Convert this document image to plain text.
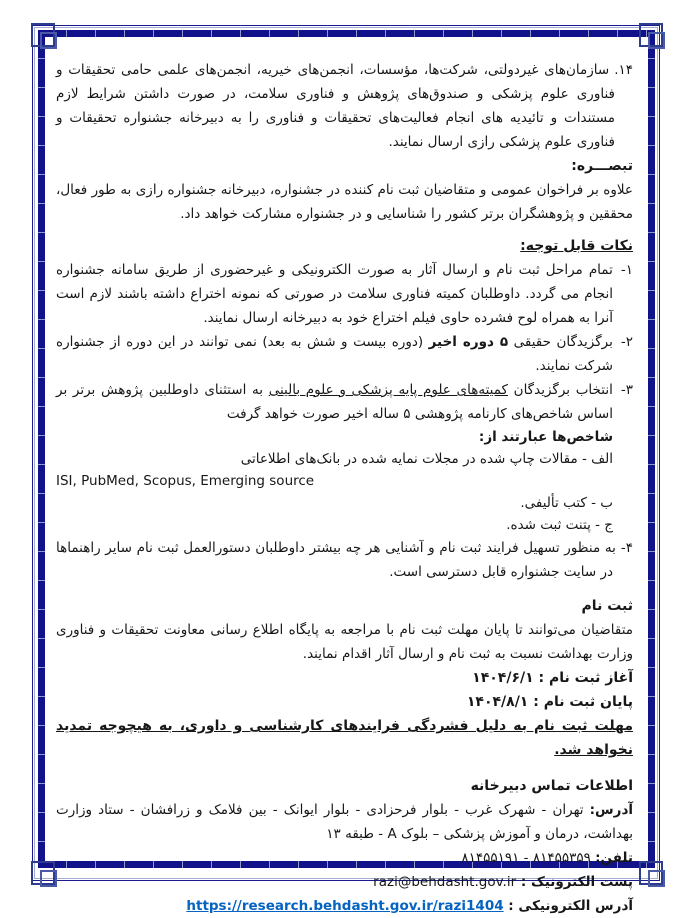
۱۴.سازمان‌های غیردولتی، شرکت‌ها، مؤسسات، انجمن‌های خیریه، انجمن‌های علمی حامی تحقیقات و فناوری علوم پزشکی و صندوق‌های پژوهش و فناوری سلامت، در صورت داشتن شرایط لازم مستندات و تائیدیه های انجام فعالیت‌های تحقیقات و فناوری را به دبیرخانه جشنواره تحقیقات و فناوری علوم پزشکی رازی ارسال نمایند.

تبصـــره:

علاوه بر فراخوان عمومی و متقاضیان ثبت نام کننده در جشنواره، دبیرخانه جشنواره رازی به طور فعال، محققین و پژوهشگران برتر کشور را شناسایی و در جشنواره مشارکت خواهد داد.

نکات قابل توجه:

۱-تمام مراحل ثبت نام و ارسال آثار به صورت الکترونیکی و غیرحضوری از طریق سامانه جشنواره انجام می گردد. داوطلبان کمیته فناوری سلامت در صورتی که نمونه اختراع داشته باشند لازم است آنرا به همراه لوح فشرده حاوی فیلم اختراع خود به دبیرخانه ارسال نمایند.

۲-برگزیدگان حقیقی ۵ دوره اخیر (دوره بیست و شش به بعد) نمی توانند در این دوره از جشنواره شرکت نمایند.

۳-انتخاب برگزیدگان کمیته‌های علوم پایه پزشکی و علوم بالینی به استثنای داوطلبین پژوهش برتر بر اساس شاخص‌های کارنامه پژوهشی ۵ ساله اخیر صورت خواهد گرفت

شاخص‌ها عبارتند از:

الف - مقالات چاپ شده در مجلات نمایه شده در بانک‌های اطلاعاتی

ISI, PubMed, Scopus, Emerging source

ب - کتب تألیفی.

ج - پتنت ثبت شده.

۴-به منظور تسهیل فرایند ثبت نام و آشنایی هر چه بیشتر داوطلبان دستورالعمل ثبت نام سایر راهنماها در سایت جشنواره قابل دسترسی است.

ثبت نام

متقاضیان می‌توانند تا پایان مهلت ثبت نام با مراجعه به پایگاه اطلاع رسانی معاونت تحقیقات و فناوری وزارت بهداشت نسبت به ثبت نام و ارسال آثار اقدام نمایند.

آغاز ثبت نام : ۱۴۰۴/۶/۱

پایان ثبت نام : ۱۴۰۴/۸/۱

مهلت ثبت نام به دلیل فشردگی فرایندهای کارشناسی و داوری، به هیچوجه تمدید نخواهد شد.

اطلاعات تماس دبیرخانه

آدرس: تهران - شهرک غرب - بلوار فرحزادی - بلوار ایوانک - بین فلامک و زرافشان - ستاد وزارت بهداشت، درمان و آموزش پزشکی – بلوک A - طبقه ۱۳

تلفن: ۸۱۴۵۵۳۵۹ - ۸۱۴۵۵۱۹۱

پست الکترونیک : razi@behdasht.gov.ir

آدرس الکترونیکی : https://research.behdasht.gov.ir/razi1404
